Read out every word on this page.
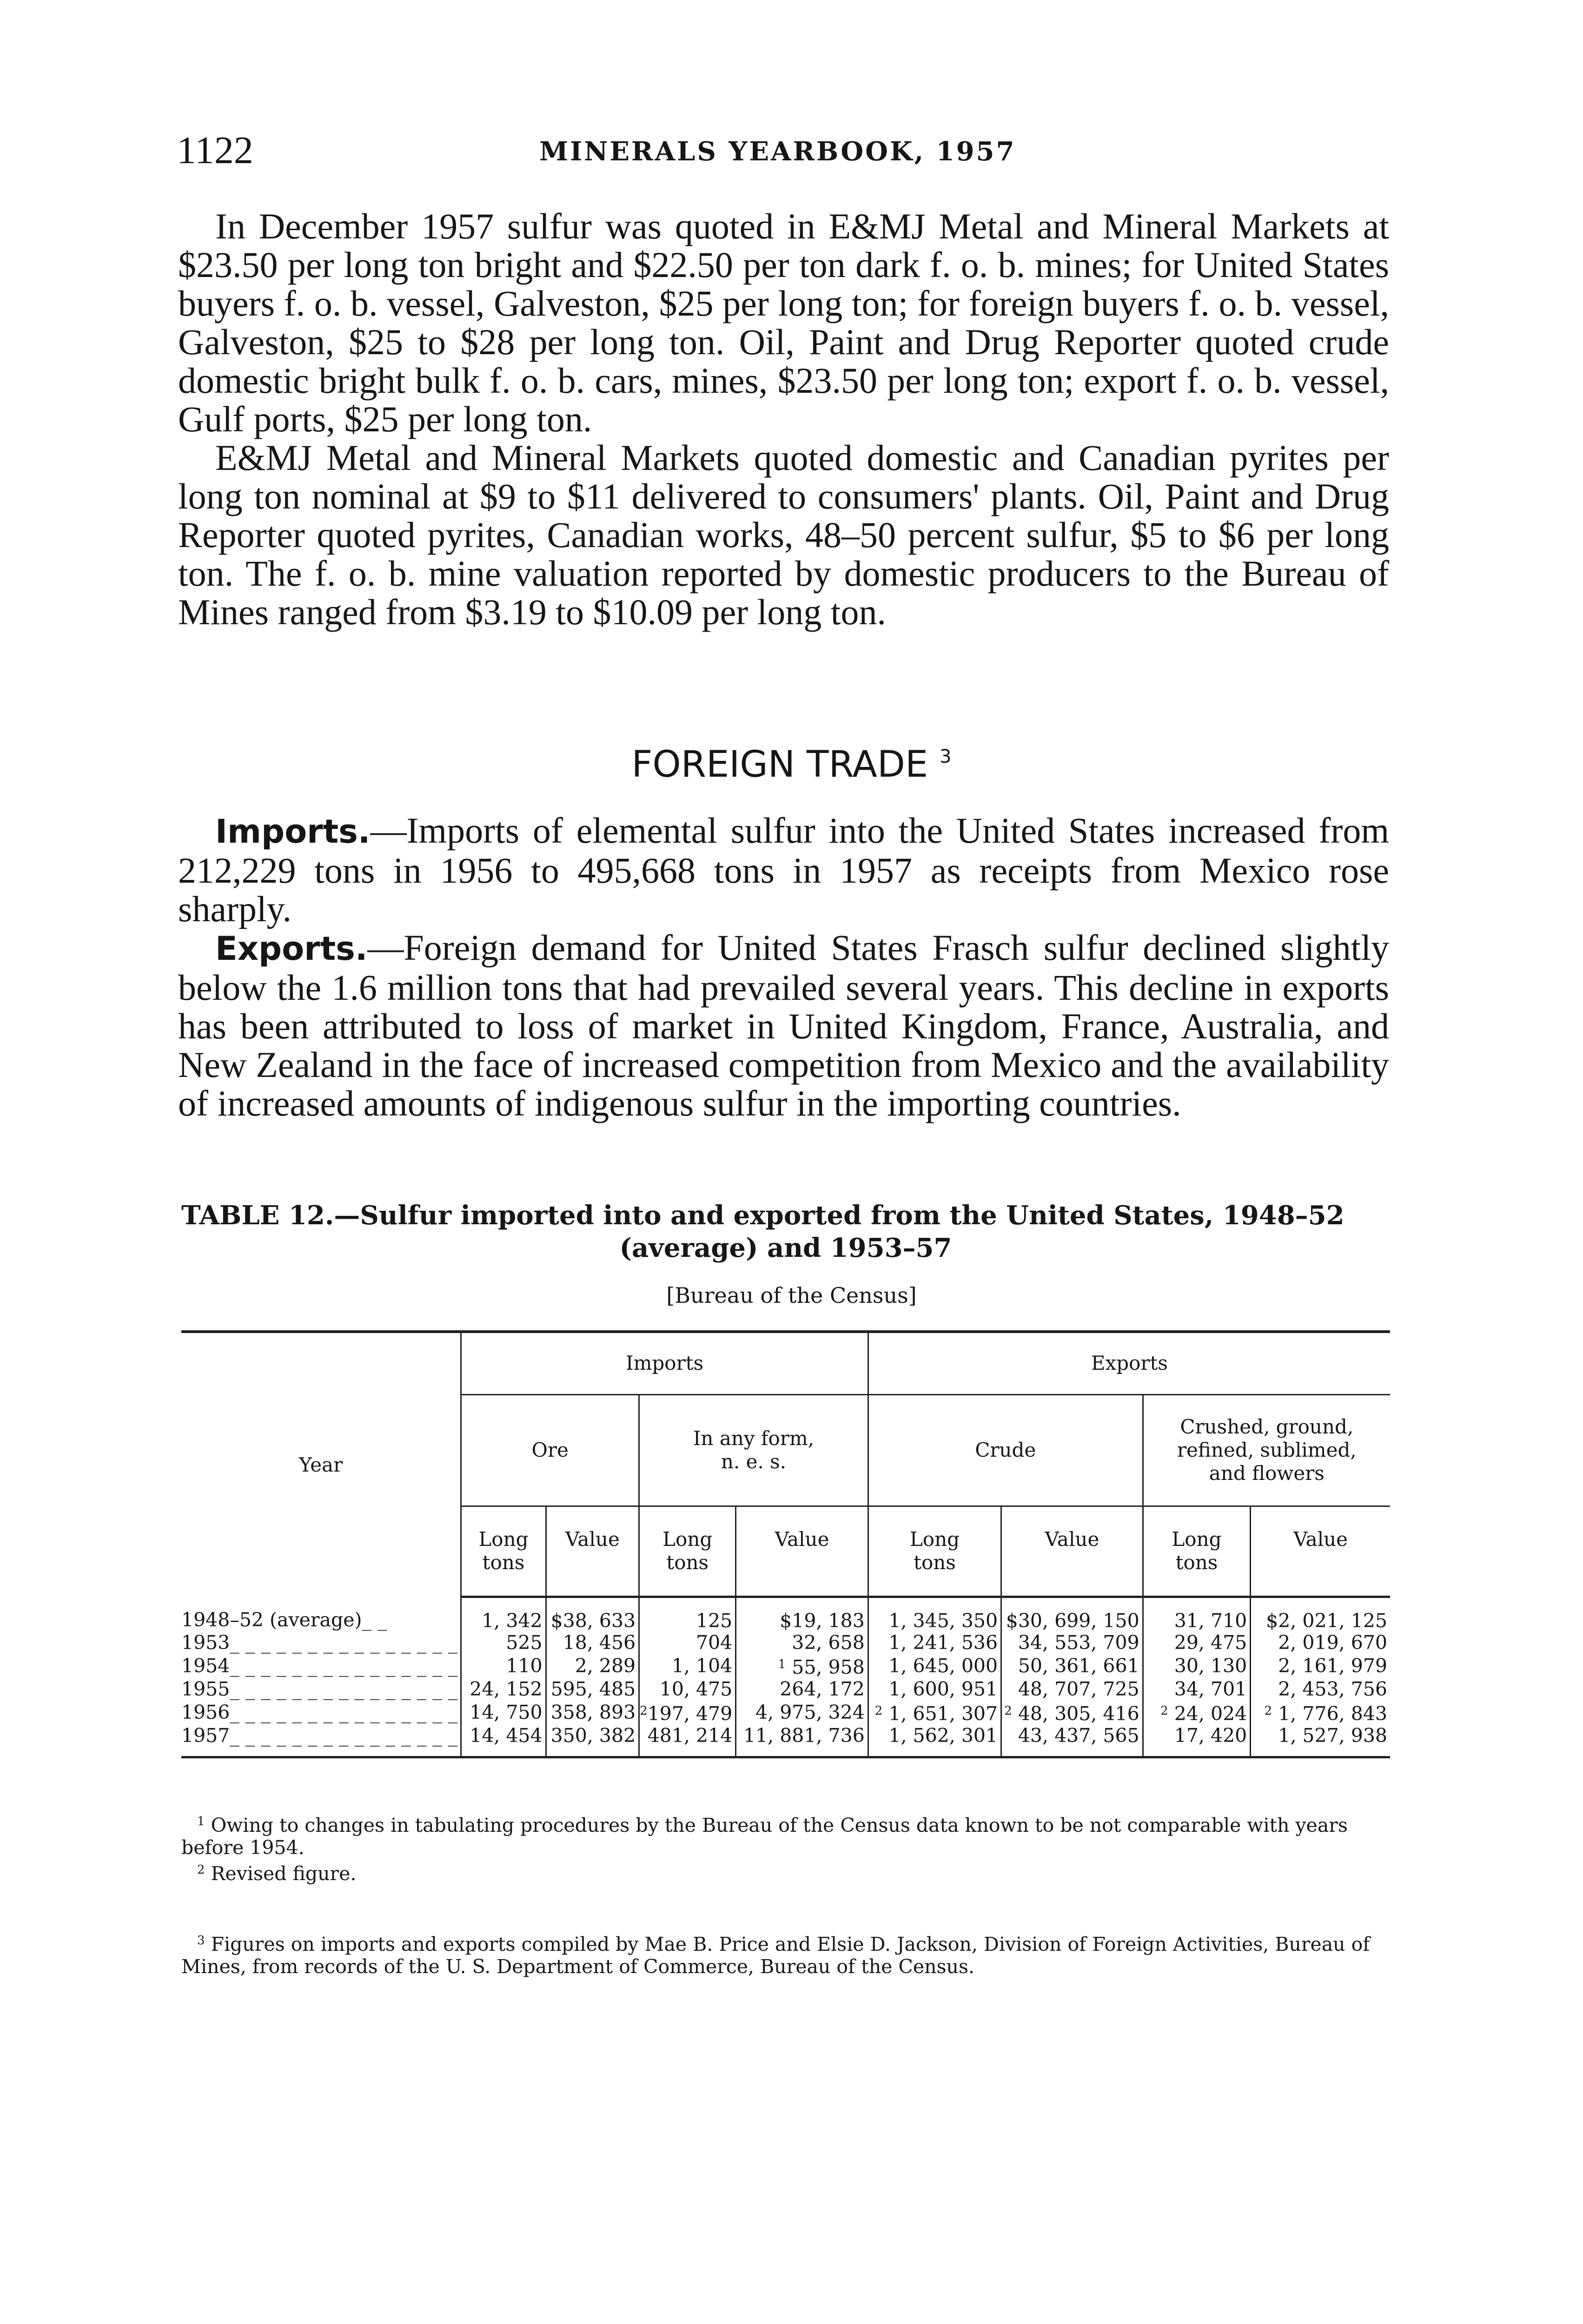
1122	MINERALS YEARBOOK, 1957

In December 1957 sulfur was quoted in E&MJ Metal and Mineral Markets at $23.50 per long ton bright and $22.50 per ton dark f. o. b. mines; for United States buyers f. o. b. vessel, Galveston, $25 per long ton; for foreign buyers f. o. b. vessel, Galveston, $25 to $28 per long ton. Oil, Paint and Drug Reporter quoted crude domestic bright bulk f. o. b. cars, mines, $23.50 per long ton; export f. o. b. vessel, Gulf ports, $25 per long ton.

E&MJ Metal and Mineral Markets quoted domestic and Canadian pyrites per long ton nominal at $9 to $11 delivered to consumers' plants. Oil, Paint and Drug Reporter quoted pyrites, Canadian works, 48–50 percent sulfur, $5 to $6 per long ton. The f. o. b. mine valuation reported by domestic producers to the Bureau of Mines ranged from $3.19 to $10.09 per long ton.

FOREIGN TRADE $^3$

Imports.—Imports of elemental sulfur into the United States increased from 212,229 tons in 1956 to 495,668 tons in 1957 as receipts from Mexico rose sharply.

Exports.—Foreign demand for United States Frasch sulfur declined slightly below the 1.6 million tons that had prevailed several years. This decline in exports has been attributed to loss of market in United Kingdom, France, Australia, and New Zealand in the face of increased competition from Mexico and the availability of increased amounts of indigenous sulfur in the importing countries.

TABLE 12.—Sulfur imported into and exported from the United States, 1948–52
(average) and 1953–57

[Bureau of the Census]
Year	Imports				Exports			
	Ore		In any form, n. e. s.		Crude		Crushed, ground, refined, sublimed, and flowers	
	Long tons	Value	Long tons	Value	Long tons	Value	Long tons	Value
1948–52 (average)_ _	1, 342	$38, 633	125	$19, 183	1, 345, 350	$30, 699, 150	31, 710	$2, 021, 125
1953_ _ _ _ _ _ _ _ _ _ _ _ _ _ _	525	18, 456	704	32, 658	1, 241, 536	34, 553, 709	29, 475	2, 019, 670
1954_ _ _ _ _ _ _ _ _ _ _ _ _ _ _	110	2, 289	1, 104	$^1$ 55, 958	1, 645, 000	50, 361, 661	30, 130	2, 161, 979
1955_ _ _ _ _ _ _ _ _ _ _ _ _ _ _	24, 152	595, 485	10, 475	264, 172	1, 600, 951	48, 707, 725	34, 701	2, 453, 756
1956_ _ _ _ _ _ _ _ _ _ _ _ _ _ _	14, 750	358, 893	$^2$197, 479	4, 975, 324	$^2$ 1, 651, 307	$^2$ 48, 305, 416	$^2$ 24, 024	$^2$ 1, 776, 843
1957_ _ _ _ _ _ _ _ _ _ _ _ _ _ _	14, 454	350, 382	481, 214	11, 881, 736	1, 562, 301	43, 437, 565	17, 420	1, 527, 938

$^1$ Owing to changes in tabulating procedures by the Bureau of the Census data known to be not comparable with years before 1954.

$^2$ Revised figure.

$^3$ Figures on imports and exports compiled by Mae B. Price and Elsie D. Jackson, Division of Foreign Activities, Bureau of Mines, from records of the U. S. Department of Commerce, Bureau of the Census.
